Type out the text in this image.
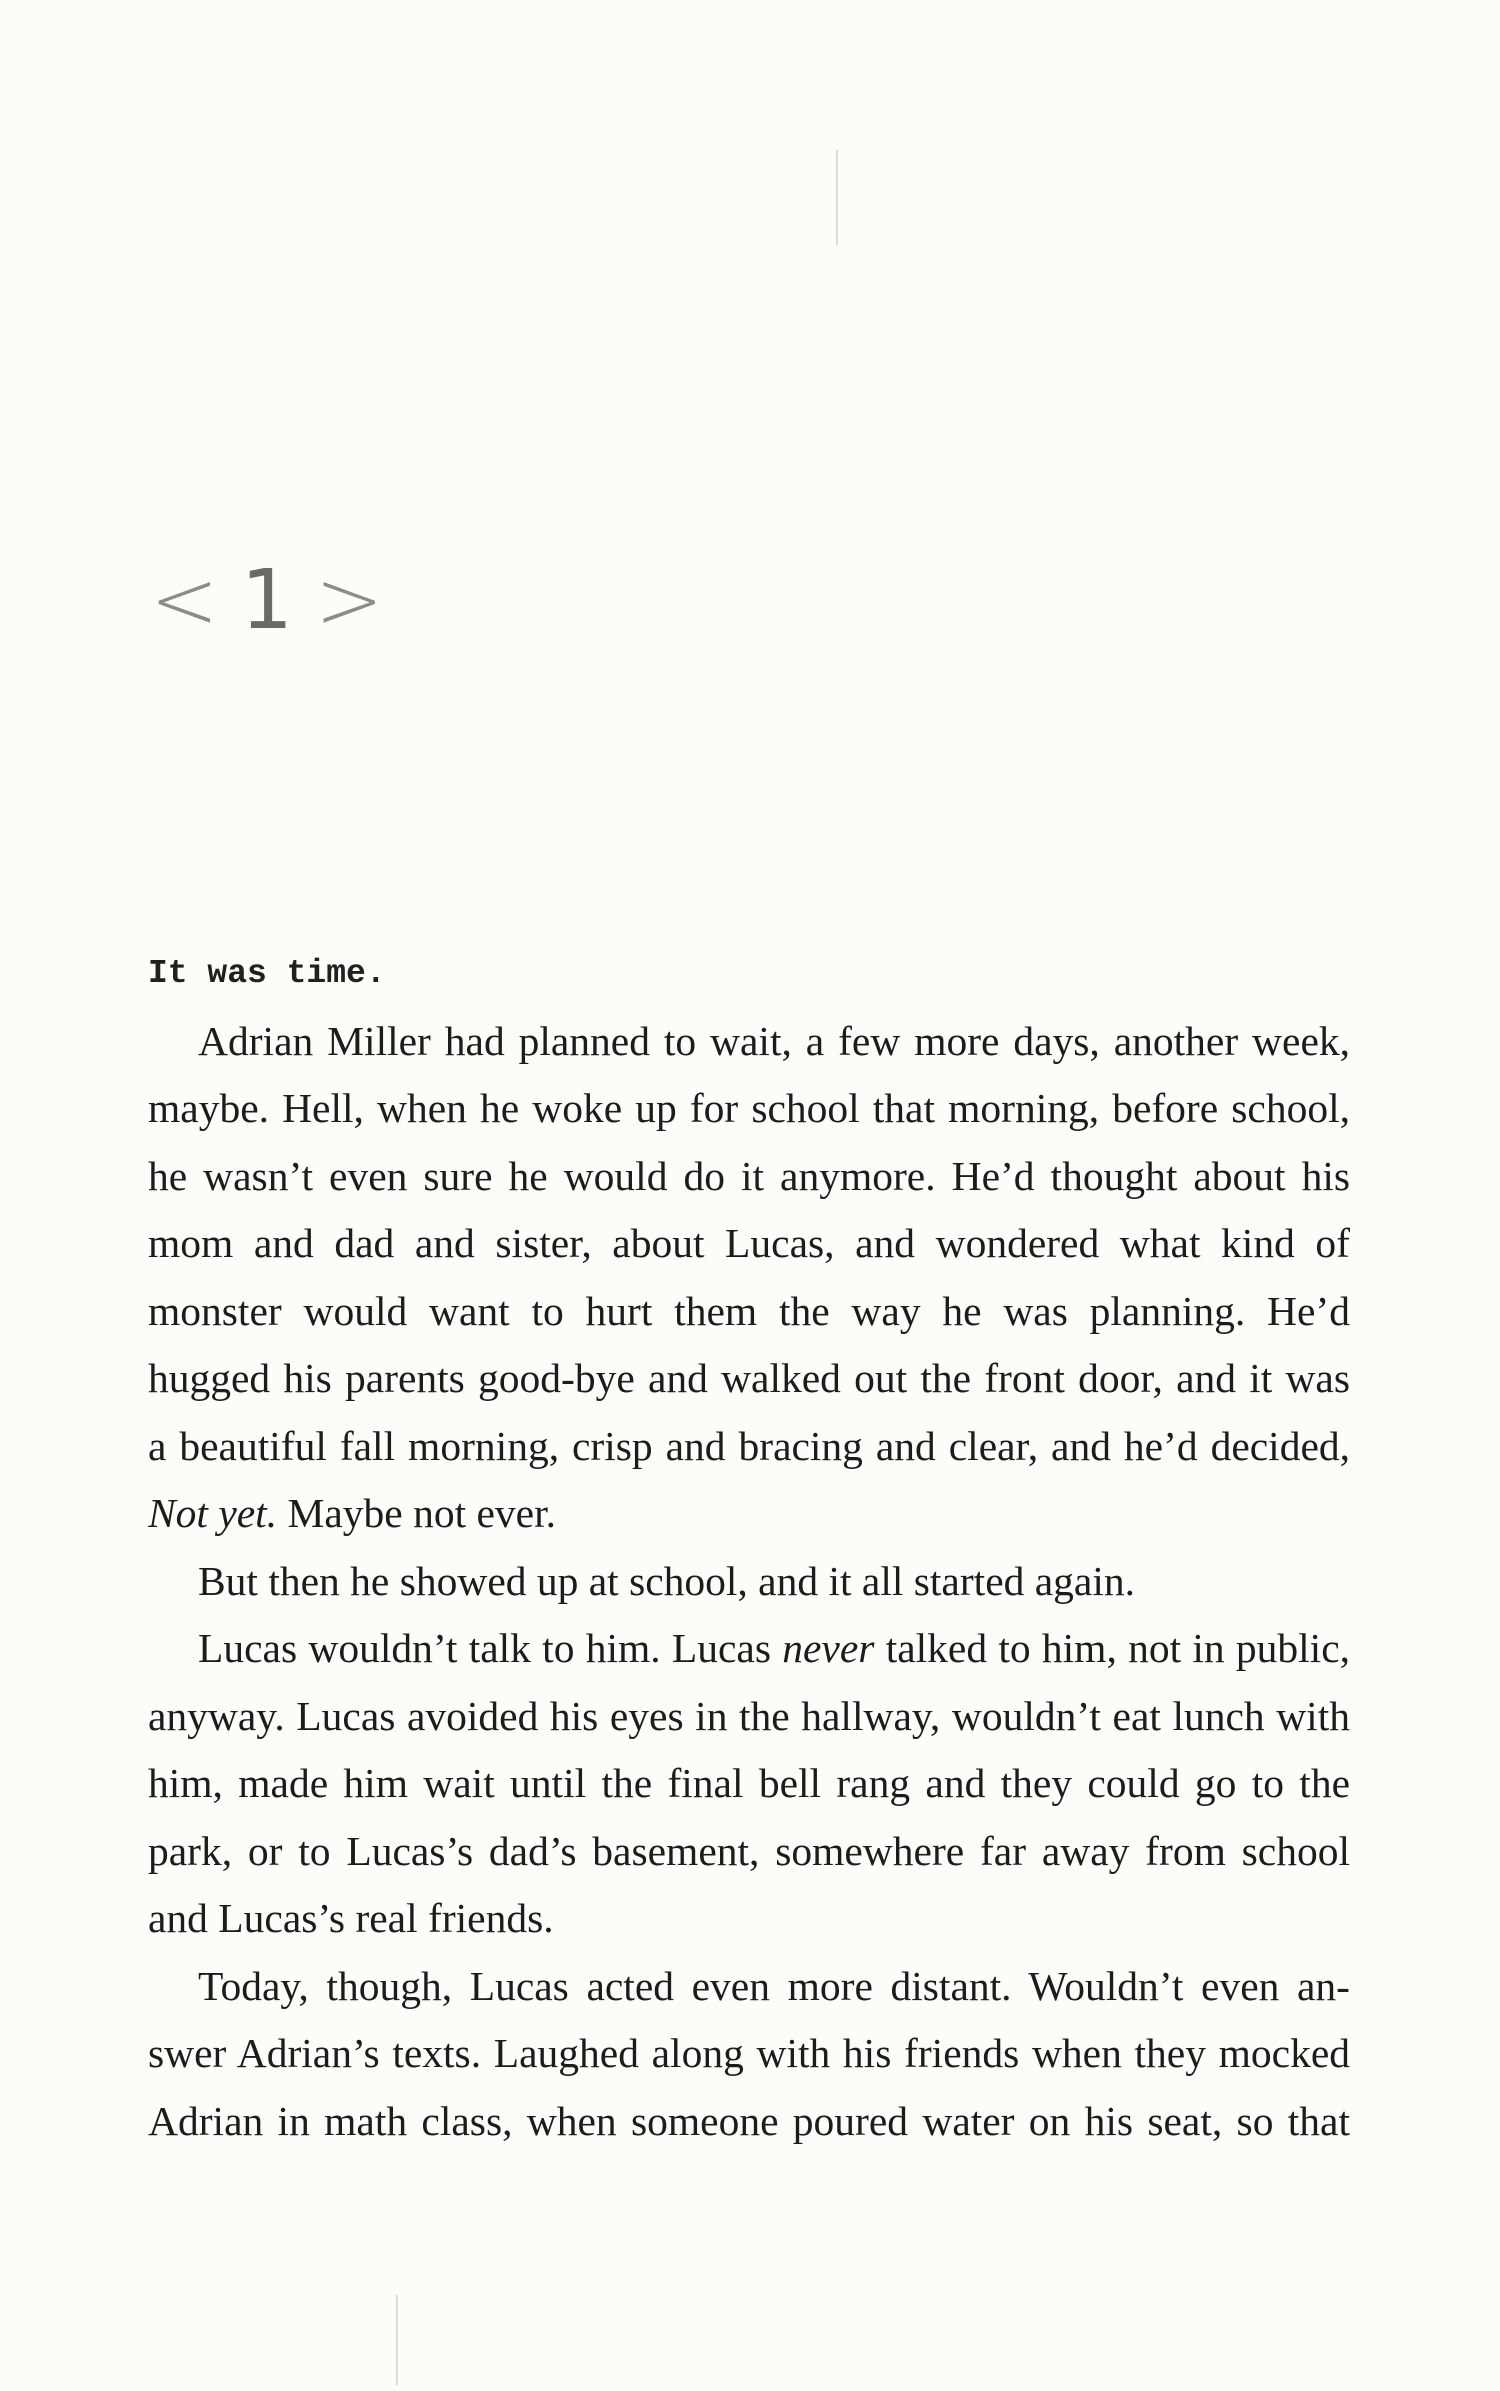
< 1 >

It was time.

Adrian Miller had planned to wait, a few more days, another week,
maybe. Hell, when he woke up for school that morning, before school,
he wasn’t even sure he would do it anymore. He’d thought about his
mom and dad and sister, about Lucas, and wondered what kind of
monster would want to hurt them the way he was planning. He’d
hugged his parents good-bye and walked out the front door, and it was
a beautiful fall morning, crisp and bracing and clear, and he’d decided,
Not yet. Maybe not ever.

But then he showed up at school, and it all started again.

Lucas wouldn’t talk to him. Lucas never talked to him, not in public,
anyway. Lucas avoided his eyes in the hallway, wouldn’t eat lunch with
him, made him wait until the final bell rang and they could go to the
park, or to Lucas’s dad’s basement, somewhere far away from school
and Lucas’s real friends.

Today, though, Lucas acted even more distant. Wouldn’t even an-
swer Adrian’s texts. Laughed along with his friends when they mocked
Adrian in math class, when someone poured water on his seat, so that
